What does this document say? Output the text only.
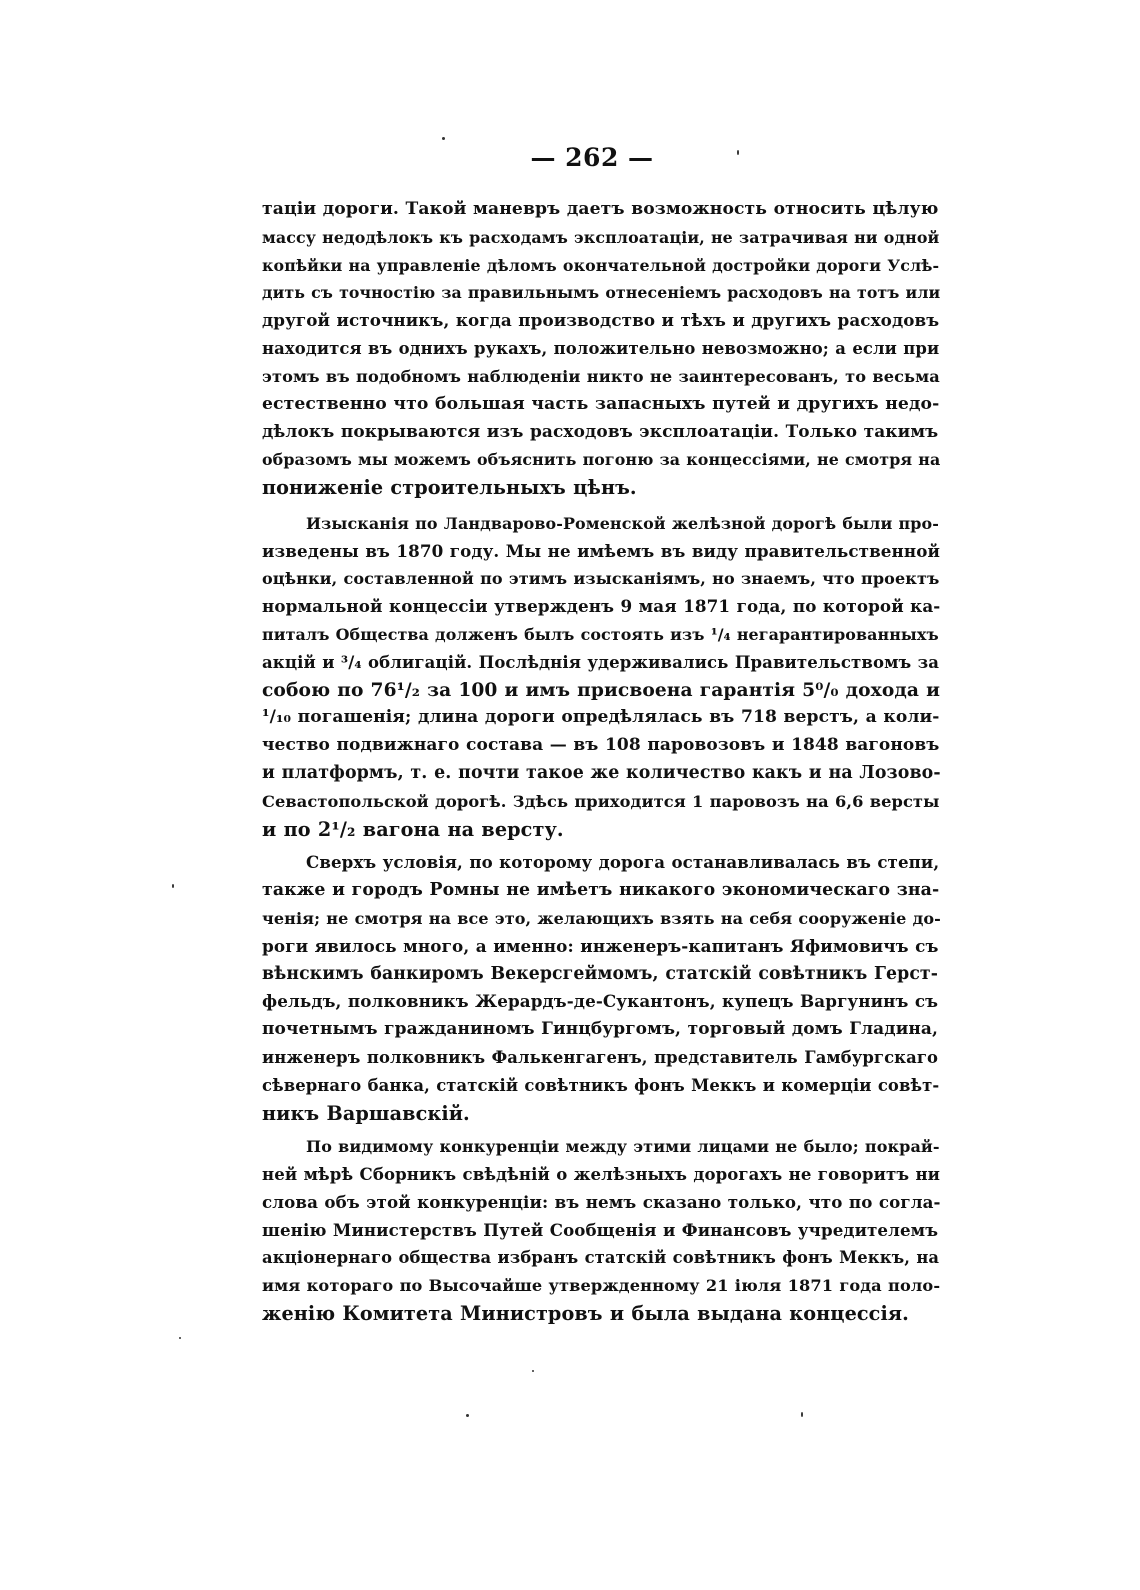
— 262 —
таціи дороги. Такой маневръ даетъ возможность относить цѣлую
массу недодѣлокъ къ расходамъ эксплоатаціи, не затрачивая ни одной
копѣйки на управленіе дѣломъ окончательной достройки дороги Услѣ-
дить съ точностію за правильнымъ отнесеніемъ расходовъ на тотъ или
другой источникъ, когда производство и тѣхъ и другихъ расходовъ
находится въ однихъ рукахъ, положительно невозможно; а если при
этомъ въ подобномъ наблюденіи никто не заинтересованъ, то весьма
естественно что большая часть запасныхъ путей и другихъ недо-
дѣлокъ покрываются изъ расходовъ эксплоатаціи. Только такимъ
образомъ мы можемъ объяснить погоню за концессіями, не смотря на
пониженіе строительныхъ цѣнъ.
Изысканія по Ландварово-Роменской желѣзной дорогѣ были про-
изведены въ 1870 году. Мы не имѣемъ въ виду правительственной
оцѣнки, составленной по этимъ изысканіямъ, но знаемъ, что проектъ
нормальной концессіи утвержденъ 9 мая 1871 года, по которой ка-
питалъ Общества долженъ былъ состоять изъ ¹/₄ негарантированныхъ
акцій и ³/₄ облигацій. Послѣднія удерживались Правительствомъ за
собою по 76¹/₂ за 100 и имъ присвоена гарантія 5⁰/₀ дохода и
¹/₁₀ погашенія; длина дороги опредѣлялась въ 718 верстъ, а коли-
чество подвижнаго состава — въ 108 паровозовъ и 1848 вагоновъ
и платформъ, т. е. почти такое же количество какъ и на Лозово-
Севастопольской дорогѣ. Здѣсь приходится 1 паровозъ на 6,6 версты
и по 2¹/₂ вагона на версту.
Сверхъ условія, по которому дорога останавливалась въ степи,
также и городъ Ромны не имѣетъ никакого экономическаго зна-
ченія; не смотря на все это, желающихъ взять на себя сооруженіе до-
роги явилось много, а именно: инженеръ-капитанъ Яфимовичъ съ
вѣнскимъ банкиромъ Векерсгеймомъ, статскій совѣтникъ Герст-
фельдъ, полковникъ Жерардъ-де-Сукантонъ, купецъ Варгунинъ съ
почетнымъ гражданиномъ Гинцбургомъ, торговый домъ Гладина,
инженеръ полковникъ Фалькенгагенъ, представитель Гамбургскаго
сѣвернаго банка, статскій совѣтникъ фонъ Меккъ и комерціи совѣт-
никъ Варшавскій.
По видимому конкуренціи между этими лицами не было; покрай-
ней мѣрѣ Сборникъ свѣдѣній о желѣзныхъ дорогахъ не говоритъ ни
слова объ этой конкуренціи: въ немъ сказано только, что по согла-
шенію Министерствъ Путей Сообщенія и Финансовъ учредителемъ
акціонернаго общества избранъ статскій совѣтникъ фонъ Меккъ, на
имя котораго по Высочайше утвержденному 21 іюля 1871 года поло-
женію Комитета Министровъ и была выдана концессія.
